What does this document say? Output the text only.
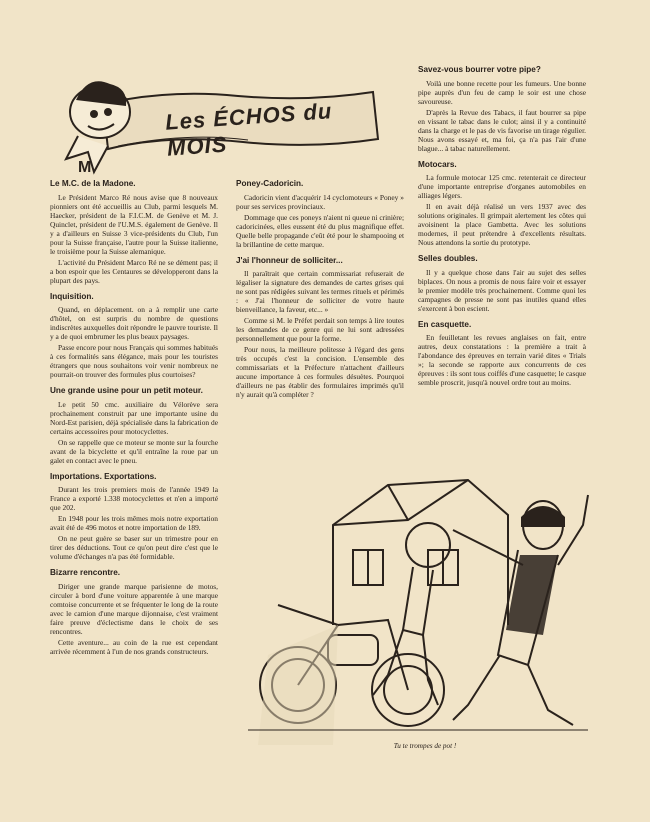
M
Les ÉCHOS du MOIS
Le M.C. de la Madone.

Le Président Marco Ré nous avise que 8 nouveaux pionniers ont été accueillis au Club, parmi lesquels M. Haecker, président de la F.I.C.M. de Genève et M. J. Quinclet, président de l'U.M.S. également de Genève. Il y a d'ailleurs en Suisse 3 vice-présidents du Club, l'un pour la Suisse française, l'autre pour la Suisse italienne, le troisième pour la Suisse alemanique.

L'activité du Président Marco Ré ne se dément pas; il a bon espoir que les Centaures se développeront dans la plupart des pays.

Inquisition.

Quand, en déplacement. on a à remplir une carte d'hôtel, on est surpris du nombre de questions indiscrètes auxquelles doit répondre le pauvre touriste. Il y a de quoi embrumer les plus beaux paysages.

Passe encore pour nous Français qui sommes habitués à ces formalités sans élégance, mais pour les touristes étrangers que nous souhaitons voir venir nombreux ne pourrait-on trouver des formules plus courtoises?

Une grande usine pour un petit moteur.

Le petit 50 cmc. auxiliaire du Vélorève sera prochainement construit par une importante usine du Nord-Est parisien, déjà spécialisée dans la fabrication de certains accessoires pour motocyclettes.

On se rappelle que ce moteur se monte sur la fourche avant de la bicyclette et qu'il entraîne la roue par un galet en contact avec le pneu.

Importations. Exportations.

Durant les trois premiers mois de l'année 1949 la France a exporté 1.338 motocyclettes et n'en a importé que 202.

En 1948 pour les trois mêmes mois notre exportation avait été de 496 motos et notre importation de 189.

On ne peut guère se baser sur un trimestre pour en tirer des déductions. Tout ce qu'on peut dire c'est que le volume d'échanges n'a pas été formidable.

Bizarre rencontre.

Diriger une grande marque parisienne de motos, circuler à bord d'une voiture apparentée à une marque comtoise concurrente et se fréquenter le long de la route avec le camion d'une marque dijonnaise, c'est vraiment faire preuve d'éclectisme dans le choix de ses rencontres.

Cette aventure... au coin de la rue est cependant arrivée récemment à l'un de nos grands constructeurs.

Poney-Cadoricin.

Cadoricin vient d'acquérir 14 cyclomoteurs « Poney » pour ses services provinciaux.

Dommage que ces poneys n'aient ni queue ni crinière; cadoricinées, elles eussent été du plus magnifique effet. Quelle belle propagande c'eût été pour le shampooing et la brillantine de cette marque.

J'ai l'honneur de solliciter...

Il paraîtrait que certain commissariat refuserait de légaliser la signature des demandes de cartes grises qui ne sont pas rédigées suivant les termes rituels et périmés : « J'ai l'honneur de solliciter de votre haute bienveillance, la faveur, etc... »

Comme si M. le Préfet perdait son temps à lire toutes les demandes de ce genre qui ne lui sont adressées personnellement que pour la forme.

Pour nous, la meilleure politesse à l'égard des gens très occupés c'est la concision. L'ensemble des commissariats et la Préfecture n'attachent d'ailleurs aucune importance à ces formules désuètes. Pourquoi d'ailleurs ne pas établir des formulaires imprimés qu'il n'y aurait qu'à compléter ?

Savez-vous bourrer votre pipe?

Voilà une bonne recette pour les fumeurs. Une bonne pipe auprès d'un feu de camp le soir est une chose savoureuse.

D'après la Revue des Tabacs, il faut bourrer sa pipe en vissant le tabac dans le culot; ainsi il y a continuité dans la charge et le pas de vis favorise un tirage régulier. Nous avons essayé et, ma foi, ça n'a pas l'air d'une blague... à tabac naturellement.

Motocars.

La formule motocar 125 cmc. retenterait ce directeur d'une importante entreprise d'organes automobiles en alliages légers.

Il en avait déjà réalisé un vers 1937 avec des solutions originales. Il grimpait alertement les côtes qui avoisinent la place Gambetta. Avec les solutions modernes, il peut prétendre à d'excellents résultats. Nous attendons la sortie du prototype.

Selles doubles.

Il y a quelque chose dans l'air au sujet des selles biplaces. On nous a promis de nous faire voir et essayer le premier modèle très prochainement. Comme quoi les campagnes de presse ne sont pas inutiles quand elles s'exercent à bon escient.

En casquette.

En feuilletant les revues anglaises on fait, entre autres, deux constatations : la première a trait à l'abondance des épreuves en terrain varié dites « Trials »; la seconde se rapporte aux concurrents de ces épreuves : ils sont tous coiffés d'une casquette; le casque semble proscrit, jusqu'à nouvel ordre tout au moins.

Tu te trompes de pot !
